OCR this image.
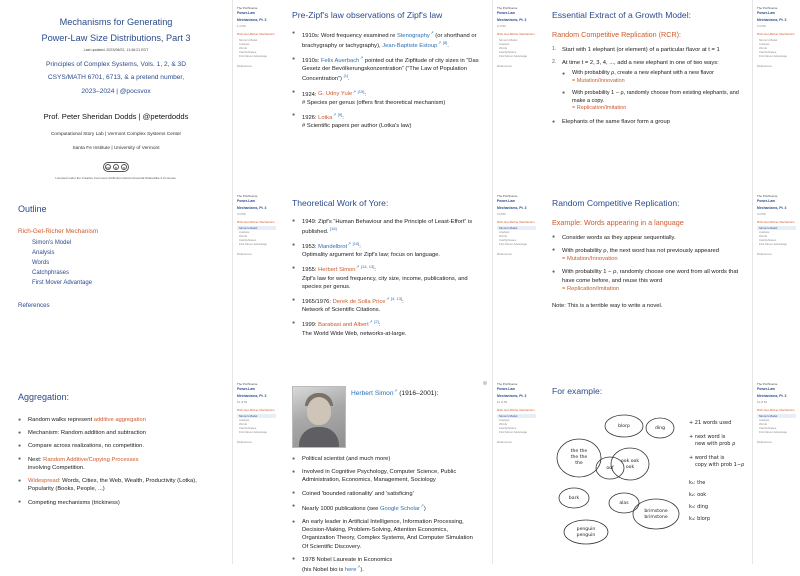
Mechanisms for Generating
Power-Law Size Distributions, Part 3
Last updated: 2023/08/22, 11:48:21 EDT
Principles of Complex Systems, Vols. 1, 2, & 3D
CSYS/MATH 6701, 6713, & a pretend number,
2023–2024 | @pocsvox
Prof. Peter Sheridan Dodds | @peterdodds
Computational Story Lab | Vermont Complex Systems Center
Santa Fe Institute | University of Vermont
cc	b	n
Licensed under the Creative Commons Attribution-NonCommercial-ShareAlike 3.0 License.
The PoCSverse
Power-Law
Mechanisms, Pt. 3
1 of 53
Rich-Get-Richer Mechanism
Simon's Model
Analysis
Words
Catchphrases
First Mover Advantage
References
Pre-Zipf's law observations of Zipf's law
● 1910s: Word frequency examined re Stenography ↗ (or shorthand or brachygraphy or tachygraphy), Jean-Baptiste Estoup ↗ [8].
● 1910s: Felix Auerbach ↗ pointed out the Zipfitude of city sizes in “Das Gesetz der Bevölkerungskonzentration” (“The Law of Population Concentration”) [1].
● 1924: G. Udny Yule ↗ [15]:
# Species per genus (offers first theoretical mechanism)
● 1926: Lotka ↗ [9]:
# Scientific papers per author (Lotka's law)
The PoCSverse
Power-Law
Mechanisms, Pt. 3
2 of 53
Rich-Get-Richer Mechanism
Simon's Model
Analysis
Words
Catchphrases
First Mover Advantage
References
Essential Extract of a Growth Model:
Random Competitive Replication (RCR):
1. Start with 1 elephant (or element) of a particular flavor at t = 1
2. At time t = 2, 3, 4, ..., add a new elephant in one of two ways:
● With probability ρ, create a new elephant with a new flavor
= Mutation/Innovation
● With probability 1 − ρ, randomly choose from existing elephants, and make a copy.
= Replication/Imitation
● Elephants of the same flavor form a group
The PoCSverse
Power-Law
Mechanisms, Pt. 3
3 of 53
Rich-Get-Richer Mechanism
Simon's Model
Analysis
Words
Catchphrases
First Mover Advantage
References
Outline
Rich-Get-Richer Mechanism
Simon's Model
Analysis
Words
Catchphrases
First Mover Advantage
References
The PoCSverse
Power-Law
Mechanisms, Pt. 3
3 of 53
Rich-Get-Richer Mechanism
Simon's Model
Analysis
Words
Catchphrases
First Mover Advantage
References
Theoretical Work of Yore:
● 1949: Zipf's “Human Behaviour and the Principle of Least-Effort” is published. [16]
● 1953: Mandelbrot ↗ [10]:
Optimality argument for Zipf's law; focus on language.
● 1955: Herbert Simon ↗ [14, 13]:
Zipf's law for word frequency, city size, income, publications, and species per genus.
● 1965/1976: Derek de Solla Price ↗ [4, 13]:
Network of Scientific Citations.
● 1999: Barabasi and Albert ↗ [2]:
The World Wide Web, networks-at-large.
The PoCSverse
Power-Law
Mechanisms, Pt. 3
3 of 53
Rich-Get-Richer Mechanism
Simon's Model
Analysis
Words
Catchphrases
First Mover Advantage
References
Random Competitive Replication:
Example: Words appearing in a language
● Consider words as they appear sequentially.
● With probability ρ, the next word has not previously appeared
= Mutation/Innovation
● With probability 1 − ρ, randomly choose one word from all words that have come before, and reuse this word
= Replication/Imitation
Note: This is a terrible way to write a novel.
The PoCSverse
Power-Law
Mechanisms, Pt. 3
4 of 53
Rich-Get-Richer Mechanism
Simon's Model
Analysis
Words
Catchphrases
First Mover Advantage
References
Aggregation:
● Random walks represent additive aggregation
● Mechanism: Random addition and subtraction
● Compare across realizations, no competition.
● Next: Random Additive/Copying Processes
involving Competition.
● Widespread: Words, Cities, the Web, Wealth, Productivity (Lotka), Popularity (Books, People, ...)
● Competing mechanisms (trickiness)
The PoCSverse
Power-Law
Mechanisms, Pt. 3
12 of 53
Rich-Get-Richer Mechanism
Simon's Model
Analysis
Words
Catchphrases
First Mover Advantage
References
Herbert Simon ↗ (1916–2001):
● Political scientist (and much more)
● Involved in Cognitive Psychology, Computer Science, Public Administration, Economics, Management, Sociology
● Coined 'bounded rationality' and 'satisficing'
● Nearly 1000 publications (see Google Scholar ↗ )
● An early leader in Artificial Intelligence, Information Processing, Decision-Making, Problem-Solving, Attention Economics, Organization Theory, Complex Systems, And Computer Simulation Of Scientific Discovery.
● 1978 Nobel Laureate in Economics
(his Nobel bio is here ↗ ).
The PoCSverse
Power-Law
Mechanisms, Pt. 3
12 of 53
Rich-Get-Richer Mechanism
Simon's Model
Analysis
Words
Catchphrases
First Mover Advantage
References
For example:
the the
the the
the
blorp	ding
bark
oof
ook ook
ook
penguin
penguin
alas
brimstone
brimstone
+ 21 words used
+ next word is
new with prob ρ
+ word that is
copy with prob 1−ρ
k₁: the
k₂: ook
k₃: ding
k₄: blorp
The PoCSverse
Power-Law
Mechanisms, Pt. 3
11 of 53
Rich-Get-Richer Mechanism
Simon's Model
Analysis
Words
Catchphrases
First Mover Advantage
References
